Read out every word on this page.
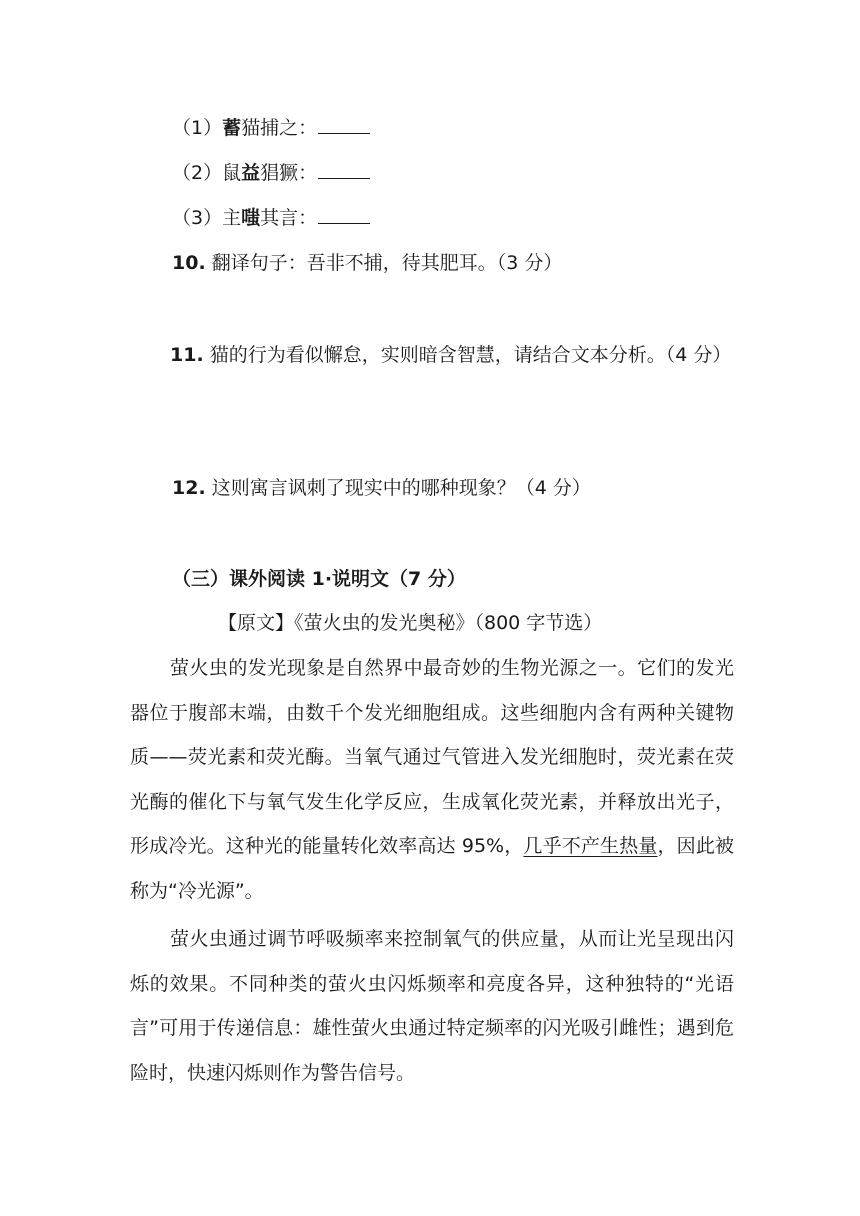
（1）蓄猫捕之：
（2）鼠益猖獗：
（3）主嗤其言：
10. 翻译句子：吾非不捕，待其肥耳。（3 分）
11. 猫的行为看似懈怠，实则暗含智慧，请结合文本分析。（4 分）
12. 这则寓言讽刺了现实中的哪种现象？（4 分）
（三）课外阅读 1·说明文（7 分）
【原文】《萤火虫的发光奥秘》（800 字节选）
萤火虫的发光现象是自然界中最奇妙的生物光源之一。它们的发光器位于腹部末端，由数千个发光细胞组成。这些细胞内含有两种关键物质——荧光素和荧光酶。当氧气通过气管进入发光细胞时，荧光素在荧光酶的催化下与氧气发生化学反应，生成氧化荧光素，并释放出光子，形成冷光。这种光的能量转化效率高达 95%，几乎不产生热量，因此被称为“冷光源”。
萤火虫通过调节呼吸频率来控制氧气的供应量，从而让光呈现出闪烁的效果。不同种类的萤火虫闪烁频率和亮度各异，这种独特的“光语言”可用于传递信息：雄性萤火虫通过特定频率的闪光吸引雌性；遇到危险时，快速闪烁则作为警告信号。
